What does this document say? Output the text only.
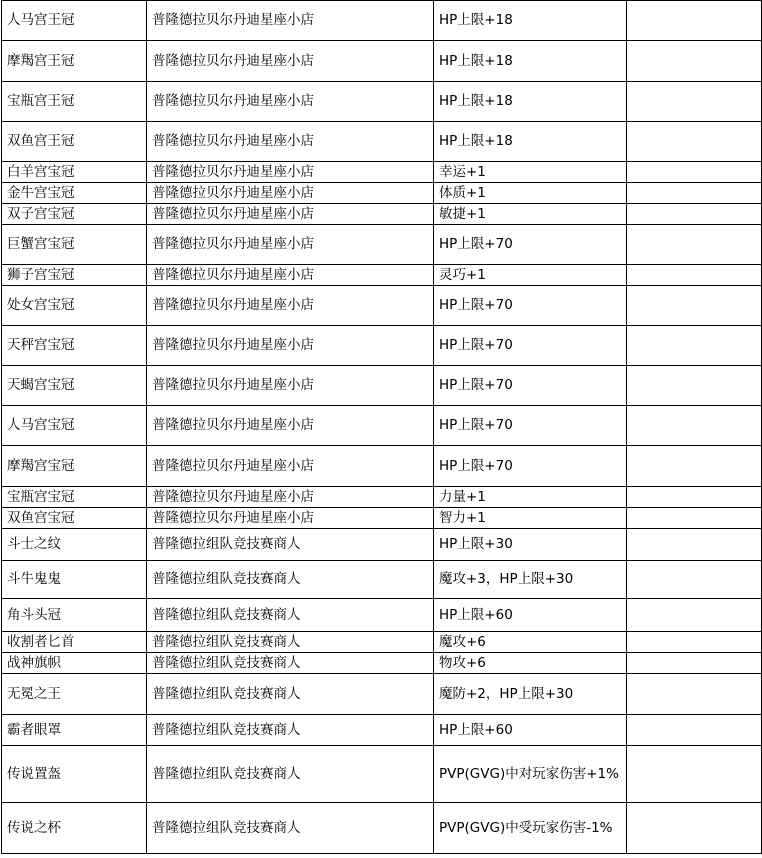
人马宫王冠	普隆德拉贝尔丹迪星座小店	HP上限+18	
摩羯宫王冠	普隆德拉贝尔丹迪星座小店	HP上限+18	
宝瓶宫王冠	普隆德拉贝尔丹迪星座小店	HP上限+18	
双鱼宫王冠	普隆德拉贝尔丹迪星座小店	HP上限+18	
白羊宫宝冠	普隆德拉贝尔丹迪星座小店	幸运+1	
金牛宫宝冠	普隆德拉贝尔丹迪星座小店	体质+1	
双子宫宝冠	普隆德拉贝尔丹迪星座小店	敏捷+1	
巨蟹宫宝冠	普隆德拉贝尔丹迪星座小店	HP上限+70	
狮子宫宝冠	普隆德拉贝尔丹迪星座小店	灵巧+1	
处女宫宝冠	普隆德拉贝尔丹迪星座小店	HP上限+70	
天秤宫宝冠	普隆德拉贝尔丹迪星座小店	HP上限+70	
天蝎宫宝冠	普隆德拉贝尔丹迪星座小店	HP上限+70	
人马宫宝冠	普隆德拉贝尔丹迪星座小店	HP上限+70	
摩羯宫宝冠	普隆德拉贝尔丹迪星座小店	HP上限+70	
宝瓶宫宝冠	普隆德拉贝尔丹迪星座小店	力量+1	
双鱼宫宝冠	普隆德拉贝尔丹迪星座小店	智力+1	
斗士之纹	普隆德拉组队竞技赛商人	HP上限+30	
斗牛鬼鬼	普隆德拉组队竞技赛商人	魔攻+3，HP上限+30	
角斗头冠	普隆德拉组队竞技赛商人	HP上限+60	
收割者匕首	普隆德拉组队竞技赛商人	魔攻+6	
战神旗帜	普隆德拉组队竞技赛商人	物攻+6	
无冕之王	普隆德拉组队竞技赛商人	魔防+2，HP上限+30	
霸者眼罩	普隆德拉组队竞技赛商人	HP上限+60	
传说置盔	普隆德拉组队竞技赛商人	PVP(GVG)中对玩家伤害+1%	
传说之杯	普隆德拉组队竞技赛商人	PVP(GVG)中受玩家伤害-1%	
